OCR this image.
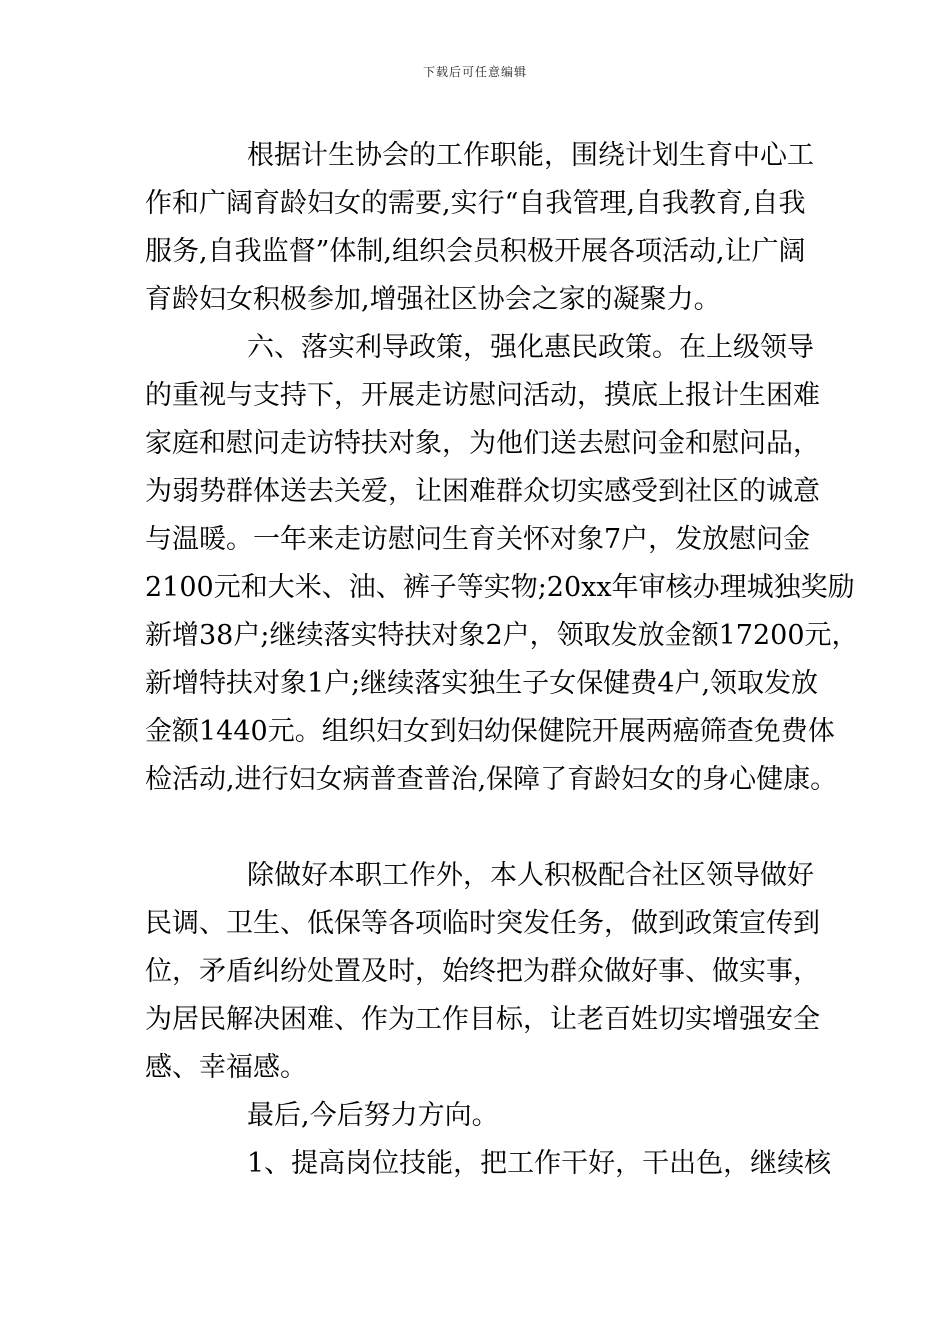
下载后可任意编辑
根据计生协会的工作职能，围绕计划生育中心工
作和广阔育龄妇女的需要,实行“自我管理,自我教育,自我
服务,自我监督”体制,组织会员积极开展各项活动,让广阔
育龄妇女积极参加,增强社区协会之家的凝聚力。
六、落实利导政策，强化惠民政策。在上级领导
的重视与支持下，开展走访慰问活动，摸底上报计生困难
家庭和慰问走访特扶对象，为他们送去慰问金和慰问品，
为弱势群体送去关爱，让困难群众切实感受到社区的诚意
与温暖。一年来走访慰问生育关怀对象7户，发放慰问金
2100元和大米、油、裤子等实物;20xx年审核办理城独奖励
新增38户;继续落实特扶对象2户，领取发放金额17200元，
新增特扶对象1户;继续落实独生子女保健费4户,领取发放
金额1440元。组织妇女到妇幼保健院开展两癌筛查免费体
检活动,进行妇女病普查普治,保障了育龄妇女的身心健康。
除做好本职工作外，本人积极配合社区领导做好
民调、卫生、低保等各项临时突发任务，做到政策宣传到
位，矛盾纠纷处置及时，始终把为群众做好事、做实事，
为居民解决困难、作为工作目标，让老百姓切实增强安全
感、幸福感。
最后,今后努力方向。
1、提高岗位技能，把工作干好，干出色，继续核
